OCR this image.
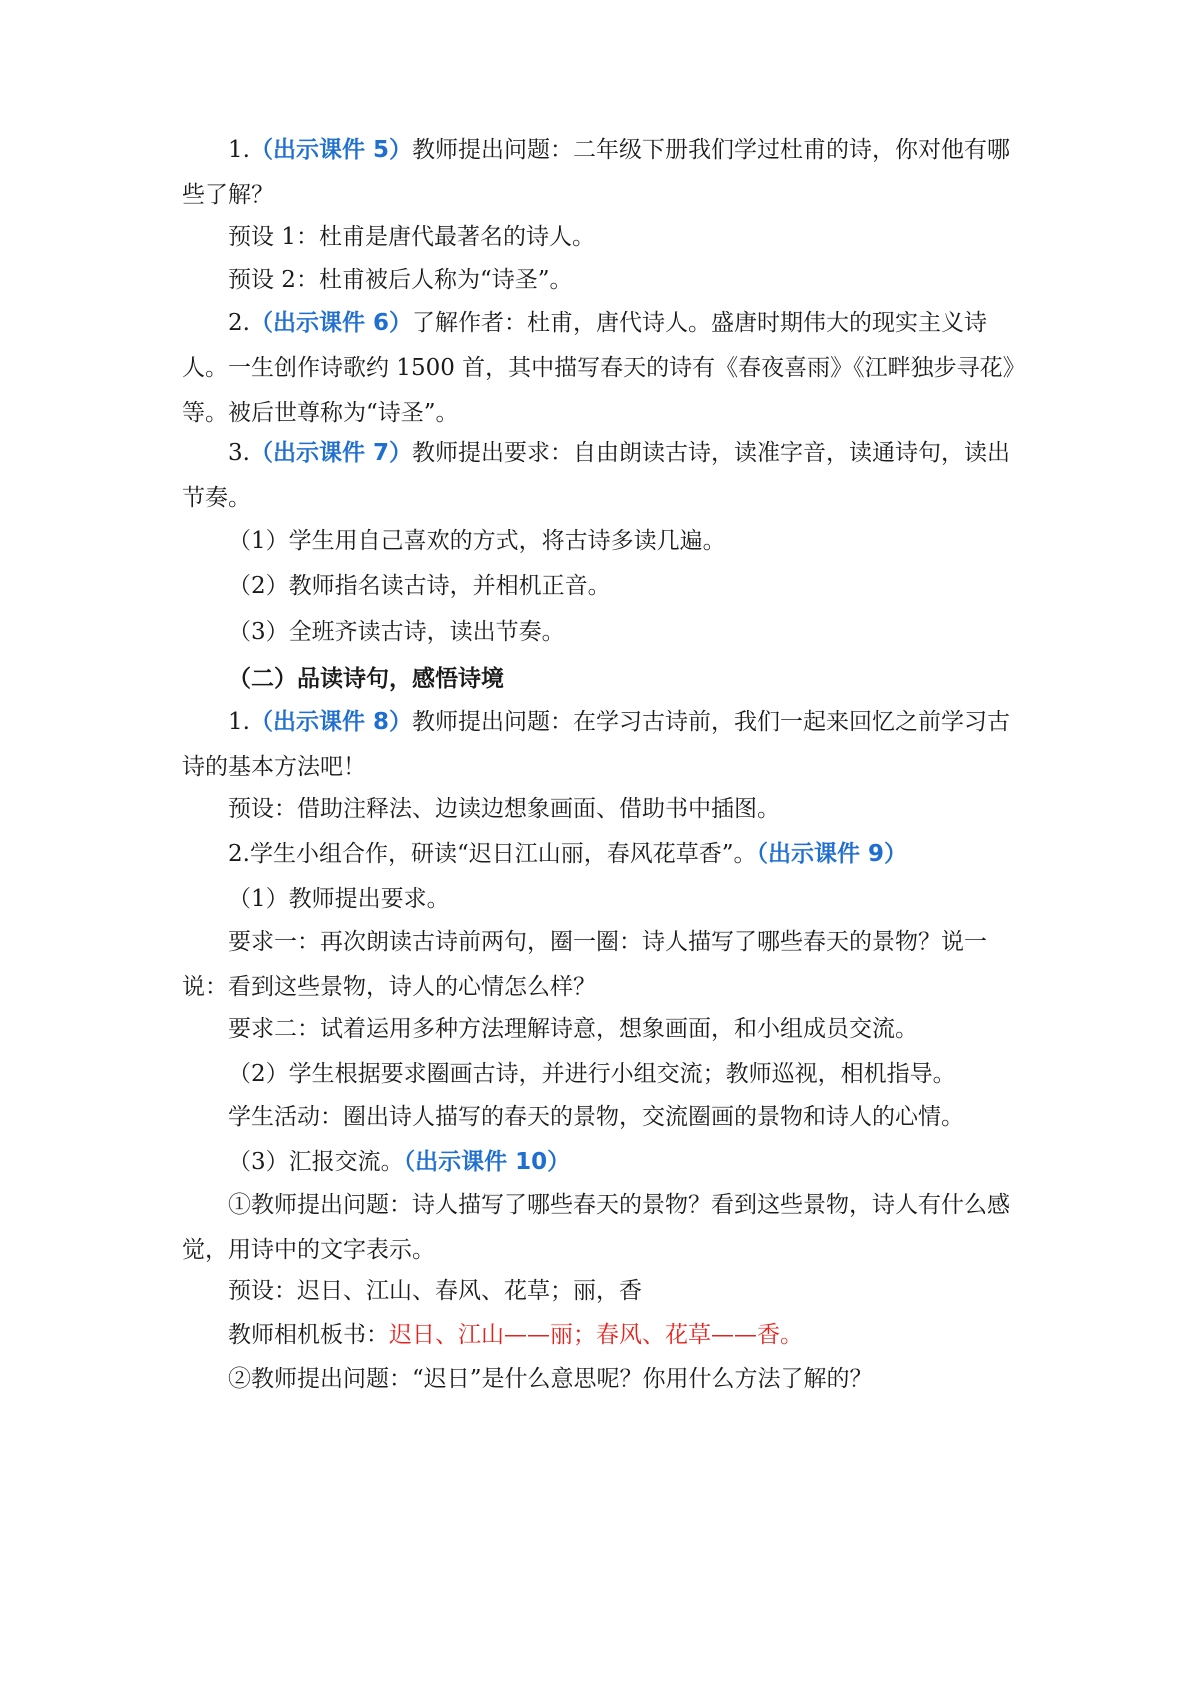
1.（出示课件 5）教师提出问题：二年级下册我们学过杜甫的诗，你对他有哪些了解？

预设 1：杜甫是唐代最著名的诗人。

预设 2：杜甫被后人称为“诗圣”。

2.（出示课件 6）了解作者：杜甫，唐代诗人。盛唐时期伟大的现实主义诗人。一生创作诗歌约 1500 首，其中描写春天的诗有《春夜喜雨》《江畔独步寻花》等。被后世尊称为“诗圣”。

3.（出示课件 7）教师提出要求：自由朗读古诗，读准字音，读通诗句，读出节奏。

（1）学生用自己喜欢的方式，将古诗多读几遍。

（2）教师指名读古诗，并相机正音。

（3）全班齐读古诗，读出节奏。

（二）品读诗句，感悟诗境

1.（出示课件 8）教师提出问题：在学习古诗前，我们一起来回忆之前学习古诗的基本方法吧！

预设：借助注释法、边读边想象画面、借助书中插图。

2.学生小组合作，研读“迟日江山丽，春风花草香”。（出示课件 9）

（1）教师提出要求。

要求一：再次朗读古诗前两句，圈一圈：诗人描写了哪些春天的景物？说一说：看到这些景物，诗人的心情怎么样？

要求二：试着运用多种方法理解诗意，想象画面，和小组成员交流。

（2）学生根据要求圈画古诗，并进行小组交流；教师巡视，相机指导。

学生活动：圈出诗人描写的春天的景物，交流圈画的景物和诗人的心情。

（3）汇报交流。（出示课件 10）

①教师提出问题：诗人描写了哪些春天的景物？看到这些景物，诗人有什么感觉，用诗中的文字表示。

预设：迟日、江山、春风、花草；丽，香

教师相机板书：迟日、江山——丽；春风、花草——香。

②教师提出问题：“迟日”是什么意思呢？你用什么方法了解的？
